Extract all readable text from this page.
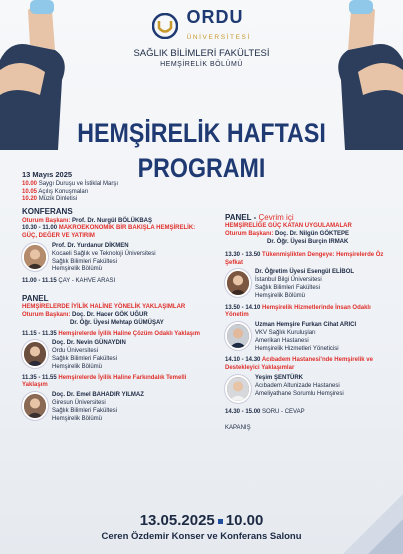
ORDU
ÜNİVERSİTESİ
SAĞLIK BİLİMLERİ FAKÜLTESİ
HEMŞİRELİK BÖLÜMÜ
HEMŞİRELİK HAFTASI
PROGRAMI
13 Mayıs 2025
10.00 Saygı Duruşu ve İstiklal Marşı
10.05 Açılış Konuşmaları
10.20 Müzik Dinletisi
KONFERANS
Oturum Başkanı: Prof. Dr. Nurgül BÖLÜKBAŞ
10.30 - 11.00 MAKROEKONOMİK BİR BAKIŞLA HEMŞİRELİK: GÜÇ, DEĞER VE YATIRIM
Prof. Dr. Yurdanur DİKMEN
Kocaeli Sağlık ve Teknoloji Üniversitesi
Sağlık Bilimleri Fakültesi
Hemşirelik Bölümü
11.00 - 11.15 ÇAY - KAHVE ARASI
PANEL
HEMŞİRELERDE İYİLİK HALİNE YÖNELİK YAKLAŞIMLAR
Oturum Başkanı: Doç. Dr. Hacer GÖK UĞUR
Dr. Öğr. Üyesi Mehtap GÜMÜŞAY
11.15 - 11.35 Hemşirelerde İyilik Haline Çözüm Odaklı Yaklaşım
Doç. Dr. Nevin GÜNAYDIN
Ordu Üniversitesi
Sağlık Bilimleri Fakültesi
Hemşirelik Bölümü
11.35 - 11.55 Hemşirelerde İyilik Haline Farkındalık Temelli Yaklaşım
Doç. Dr. Emel BAHADIR YILMAZ
Giresun Üniversitesi
Sağlık Bilimleri Fakültesi
Hemşirelik Bölümü
PANEL - Çevrim içi
HEMŞİRELİĞE GÜÇ KATAN UYGULAMALAR
Oturum Başkanı: Doç. Dr. Nilgün GÖKTEPE
Dr. Öğr. Üyesi Burçin IRMAK
13.30 - 13.50 Tükenmişlikten Dengeye: Hemşirelerde Öz Şefkat
Dr. Öğretim Üyesi Esengül ELİBOL
İstanbul Bilgi Üniversitesi
Sağlık Bilimleri Fakültesi
Hemşirelik Bölümü
13.50 - 14.10 Hemşirelik Hizmetlerinde İnsan Odaklı Yönetim
Uzman Hemşire Furkan Cihat ARICI
VKV Sağlık Kuruluşları
Amerikan Hastanesi
Hemşirelik Hizmetleri Yöneticisi
14.10 - 14.30 Acıbadem Hastanesi'nde Hemşirelik ve Destekleyici Yaklaşımlar
Yeşim ŞENTÜRK
Acıbadem Altunizade Hastanesi
Ameliyathane Sorumlu Hemşiresi
14.30 - 15.00 SORU - CEVAP
KAPANIŞ
13.05.2025 10.00
Ceren Özdemir Konser ve Konferans Salonu
